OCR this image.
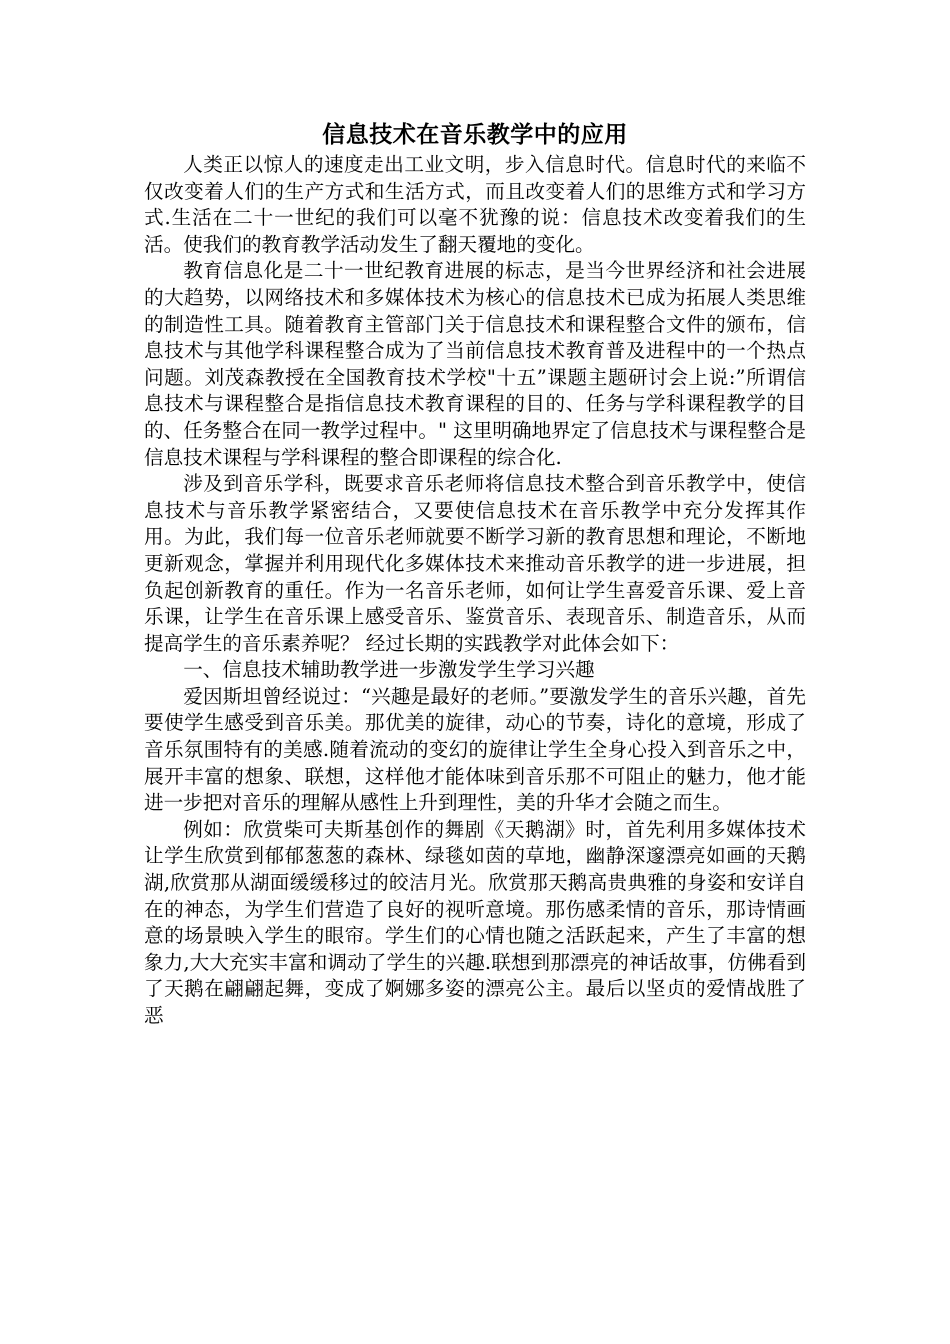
信息技术在音乐教学中的应用

人类正以惊人的速度走出工业文明，步入信息时代。信息时代的来临不仅改变着人们的生产方式和生活方式，而且改变着人们的思维方式和学习方式.生活在二十一世纪的我们可以毫不犹豫的说：信息技术改变着我们的生活。使我们的教育教学活动发生了翻天覆地的变化。

教育信息化是二十一世纪教育进展的标志，是当今世界经济和社会进展的大趋势，以网络技术和多媒体技术为核心的信息技术已成为拓展人类思维的制造性工具。随着教育主管部门关于信息技术和课程整合文件的颁布，信息技术与其他学科课程整合成为了当前信息技术教育普及进程中的一个热点问题。刘茂森教授在全国教育技术学校"十五”课题主题研讨会上说:”所谓信息技术与课程整合是指信息技术教育课程的目的、任务与学科课程教学的目的、任务整合在同一教学过程中。" 这里明确地界定了信息技术与课程整合是信息技术课程与学科课程的整合即课程的综合化.

涉及到音乐学科，既要求音乐老师将信息技术整合到音乐教学中，使信息技术与音乐教学紧密结合，又要使信息技术在音乐教学中充分发挥其作用。为此，我们每一位音乐老师就要不断学习新的教育思想和理论，不断地更新观念，掌握并利用现代化多媒体技术来推动音乐教学的进一步进展，担负起创新教育的重任。作为一名音乐老师，如何让学生喜爱音乐课、爱上音乐课，让学生在音乐课上感受音乐、鉴赏音乐、表现音乐、制造音乐，从而提高学生的音乐素养呢？ 经过长期的实践教学对此体会如下：

一、信息技术辅助教学进一步激发学生学习兴趣

爱因斯坦曾经说过：“兴趣是最好的老师。”要激发学生的音乐兴趣，首先要使学生感受到音乐美。那优美的旋律，动心的节奏，诗化的意境，形成了音乐氛围特有的美感.随着流动的变幻的旋律让学生全身心投入到音乐之中，展开丰富的想象、联想，这样他才能体味到音乐那不可阻止的魅力，他才能进一步把对音乐的理解从感性上升到理性，美的升华才会随之而生。

例如：欣赏柴可夫斯基创作的舞剧《天鹅湖》时，首先利用多媒体技术让学生欣赏到郁郁葱葱的森林、绿毯如茵的草地，幽静深邃漂亮如画的天鹅湖,欣赏那从湖面缓缓移过的皎洁月光。欣赏那天鹅高贵典雅的身姿和安详自在的神态，为学生们营造了良好的视听意境。那伤感柔情的音乐，那诗情画意的场景映入学生的眼帘。学生们的心情也随之活跃起来，产生了丰富的想象力,大大充实丰富和调动了学生的兴趣.联想到那漂亮的神话故事，仿佛看到了天鹅在翩翩起舞，变成了婀娜多姿的漂亮公主。最后以坚贞的爱情战胜了恶
